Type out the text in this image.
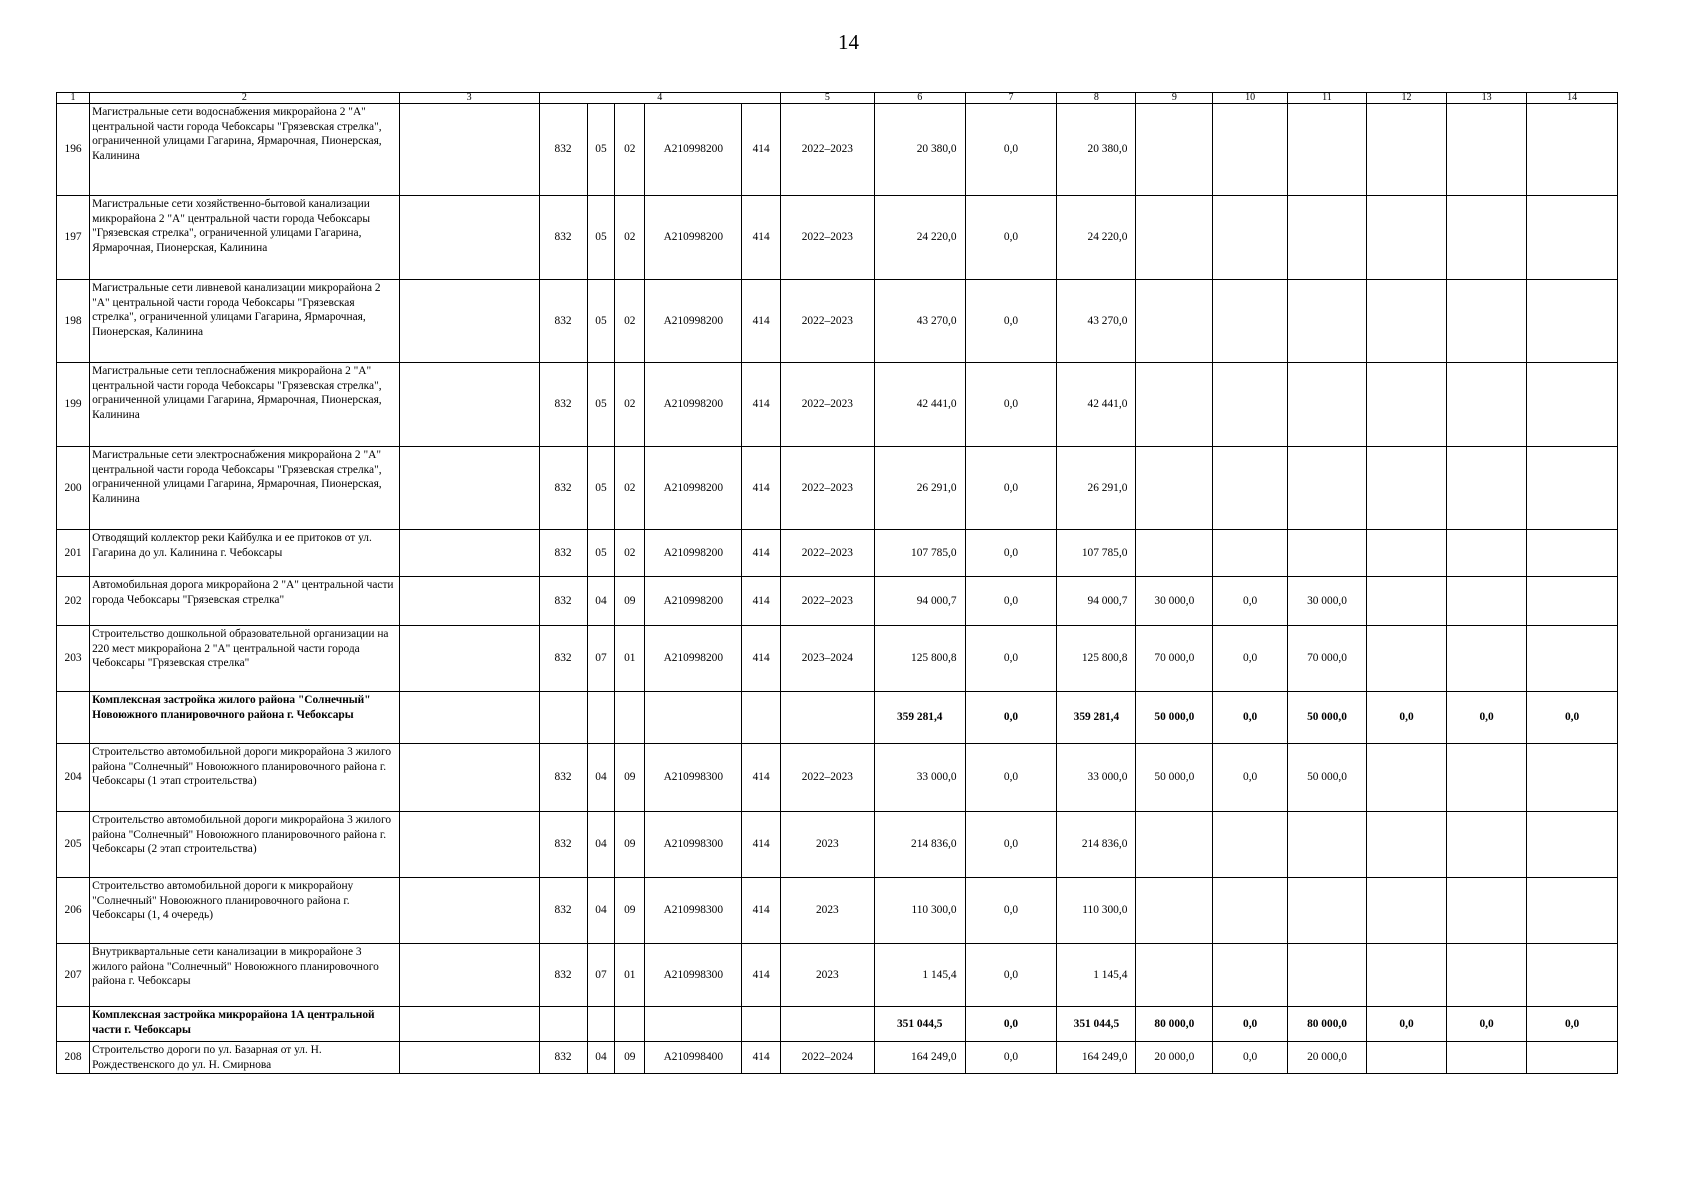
14
1	2	3	4					5	6	7	8	9	10	11	12	13	14
196	Магистральные сети водоснабжения микрорайона 2 "А" центральной части города Чебоксары "Грязевская стрелка", ограниченной улицами Гагарина, Ярмарочная, Пионерская, Калинина		832	05	02	А210998200	414	2022–2023	20 380,0	0,0	20 380,0						
197	Магистральные сети хозяйственно-бытовой канализации микрорайона 2 "А" центральной части города Чебоксары "Грязевская стрелка", ограниченной улицами Гагарина, Ярмарочная, Пионерская, Калинина		832	05	02	А210998200	414	2022–2023	24 220,0	0,0	24 220,0						
198	Магистральные сети ливневой канализации микрорайона 2 "А" центральной части города Чебоксары "Грязевская стрелка", ограниченной улицами Гагарина, Ярмарочная, Пионерская, Калинина		832	05	02	А210998200	414	2022–2023	43 270,0	0,0	43 270,0						
199	Магистральные сети теплоснабжения микрорайона 2 "А" центральной части города Чебоксары "Грязевская стрелка", ограниченной улицами Гагарина, Ярмарочная, Пионерская, Калинина		832	05	02	А210998200	414	2022–2023	42 441,0	0,0	42 441,0						
200	Магистральные сети электроснабжения микрорайона 2 "А" центральной части города Чебоксары "Грязевская стрелка", ограниченной улицами Гагарина, Ярмарочная, Пионерская, Калинина		832	05	02	А210998200	414	2022–2023	26 291,0	0,0	26 291,0						
201	Отводящий коллектор реки Кайбулка и ее притоков от ул. Гагарина до ул. Калинина г. Чебоксары		832	05	02	А210998200	414	2022–2023	107 785,0	0,0	107 785,0						
202	Автомобильная дорога микрорайона 2 "А" центральной части города Чебоксары "Грязевская стрелка"		832	04	09	А210998200	414	2022–2023	94 000,7	0,0	94 000,7	30 000,0	0,0	30 000,0			
203	Строительство дошкольной образовательной организации на 220 мест микрорайона 2 "А" центральной части города Чебоксары "Грязевская стрелка"		832	07	01	А210998200	414	2023–2024	125 800,8	0,0	125 800,8	70 000,0	0,0	70 000,0			
	Комплексная застройка жилого района "Солнечный" Новоюжного планировочного района г. Чебоксары								359 281,4	0,0	359 281,4	50 000,0	0,0	50 000,0	0,0	0,0	0,0
204	Строительство автомобильной дороги микрорайона 3 жилого района "Солнечный" Новоюжного планировочного района г. Чебоксары (1 этап строительства)		832	04	09	А210998300	414	2022–2023	33 000,0	0,0	33 000,0	50 000,0	0,0	50 000,0			
205	Строительство автомобильной дороги микрорайона 3 жилого района "Солнечный" Новоюжного планировочного района г. Чебоксары (2 этап строительства)		832	04	09	А210998300	414	2023	214 836,0	0,0	214 836,0						
206	Строительство автомобильной дороги к микрорайону "Солнечный" Новоюжного планировочного района г. Чебоксары (1, 4 очередь)		832	04	09	А210998300	414	2023	110 300,0	0,0	110 300,0						
207	Внутриквартальные сети канализации в микрорайоне 3 жилого района "Солнечный" Новоюжного планировочного района г. Чебоксары		832	07	01	А210998300	414	2023	1 145,4	0,0	1 145,4						
	Комплексная застройка микрорайона 1А центральной части г. Чебоксары								351 044,5	0,0	351 044,5	80 000,0	0,0	80 000,0	0,0	0,0	0,0
208	Строительство дороги по ул. Базарная от ул. Н. Рождественского до ул. Н. Смирнова		832	04	09	А210998400	414	2022–2024	164 249,0	0,0	164 249,0	20 000,0	0,0	20 000,0			
